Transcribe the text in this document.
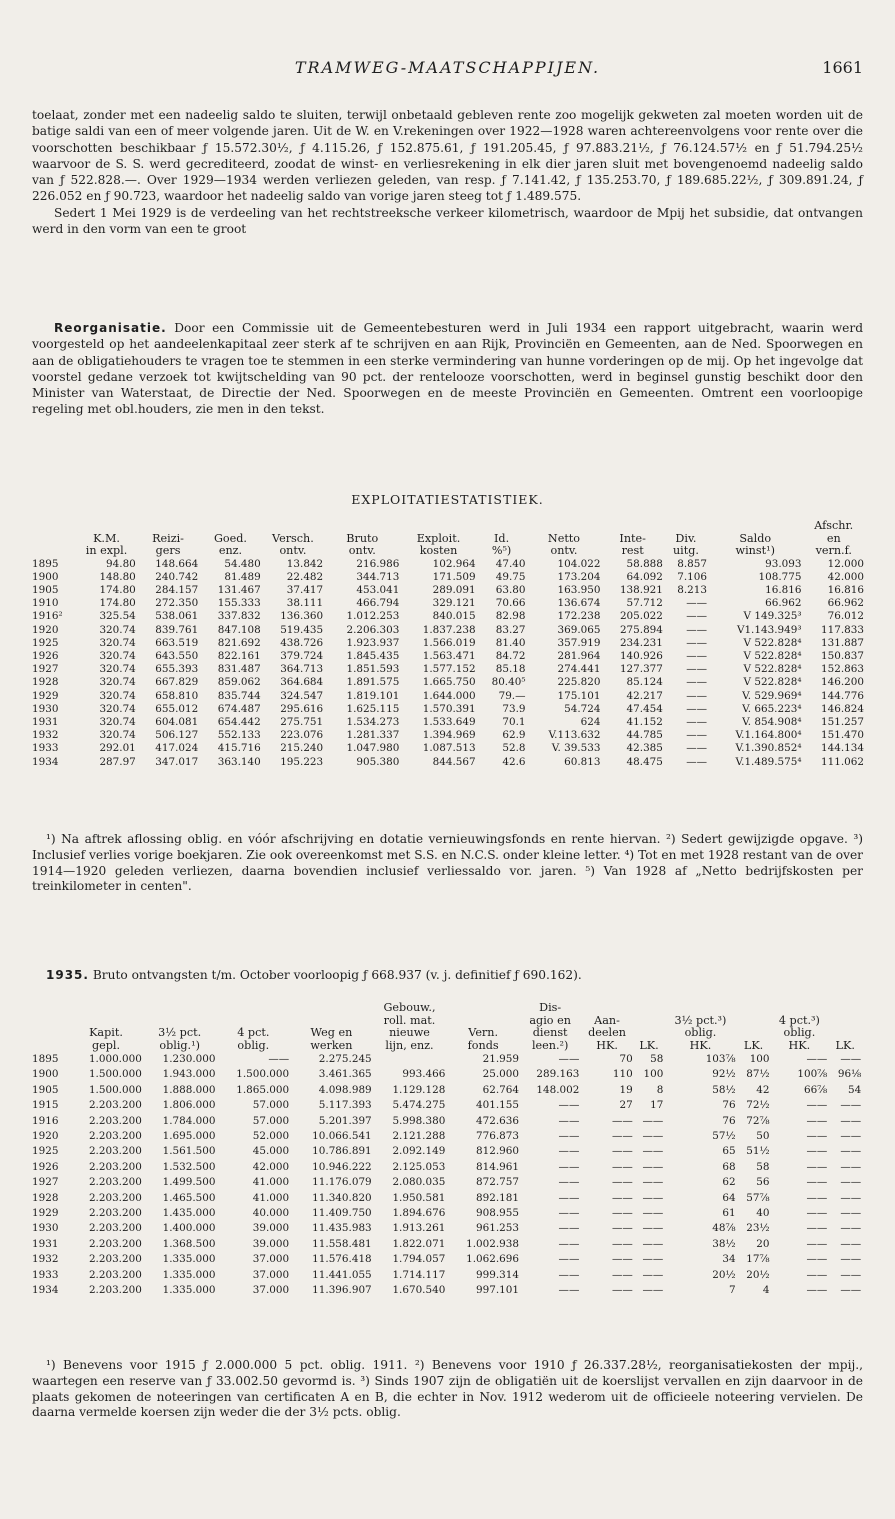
TRAMWEG-MAATSCHAPPIJEN.	1661

toelaat, zonder met een nadeelig saldo te sluiten, terwijl onbetaald gebleven rente zoo mogelijk gekweten zal moeten worden uit de batige saldi van een of meer volgende jaren. Uit de W. en V.rekeningen over 1922—1928 waren achtereenvolgens voor rente over die voorschotten beschikbaar ƒ 15.572.30½, ƒ 4.115.26, ƒ 152.875.61, ƒ 191.205.45, ƒ 97.883.21½, ƒ 76.124.57½ en ƒ 51.794.25½ waarvoor de S. S. werd gecrediteerd, zoodat de winst- en verliesrekening in elk dier jaren sluit met bovengenoemd nadeelig saldo van ƒ 522.828.—. Over 1929—1934 werden verliezen geleden, van resp. ƒ 7.141.42, ƒ 135.253.70, ƒ 189.685.22½, ƒ 309.891.24, ƒ 226.052 en ƒ 90.723, waardoor het nadeelig saldo van vorige jaren steeg tot ƒ 1.489.575.

Sedert 1 Mei 1929 is de verdeeling van het rechtstreeksche verkeer kilometrisch, waardoor de Mpij het subsidie, dat ontvangen werd in den vorm van een te groot

Reorganisatie. Door een Commissie uit de Gemeentebesturen werd in Juli 1934 een rapport uitgebracht, waarin werd voorgesteld op het aandeelenkapitaal zeer sterk af te schrijven en aan Rijk, Provinciën en Gemeenten, aan de Ned. Spoorwegen en aan de obligatiehouders te vragen toe te stemmen in een sterke vermindering van hunne vorderingen op de mij. Op het ingevolge dat voorstel gedane verzoek tot kwijtschelding van 90 pct. der rentelooze voorschotten, werd in beginsel gunstig beschikt door den Minister van Waterstaat, de Directie der Ned. Spoorwegen en de meeste Provinciën en Gemeenten. Omtrent een voorloopige regeling met obl.houders, zie men in den tekst.

EXPLOITATIESTATISTIEK.
												Afschr.
	K.M.	Reizi-	Goed.	Versch.	Bruto	Exploit.	Id.	Netto	Inte-	Div.	Saldo	en
	in expl.	gers	enz.	ontv.	ontv.	kosten	%⁵)	ontv.	rest	uitg.	winst¹)	vern.f.
1895	94.80	148.664	54.480	13.842	216.986	102.964	47.40	104.022	58.888	8.857	93.093	12.000
1900	148.80	240.742	81.489	22.482	344.713	171.509	49.75	173.204	64.092	7.106	108.775	42.000
1905	174.80	284.157	131.467	37.417	453.041	289.091	63.80	163.950	138.921	8.213	16.816	16.816
1910	174.80	272.350	155.333	38.111	466.794	329.121	70.66	136.674	57.712	——	66.962	66.962
1916²	325.54	538.061	337.832	136.360	1.012.253	840.015	82.98	172.238	205.022	——	V 149.325³	76.012
1920	320.74	839.761	847.108	519.435	2.206.303	1.837.238	83.27	369.065	275.894	——	V1.143.949³	117.833
1925	320.74	663.519	821.692	438.726	1.923.937	1.566.019	81.40	357.919	234.231	——	V 522.828⁴	131.887
1926	320.74	643.550	822.161	379.724	1.845.435	1.563.471	84.72	281.964	140.926	——	V 522.828⁴	150.837
1927	320.74	655.393	831.487	364.713	1.851.593	1.577.152	85.18	274.441	127.377	——	V 522.828⁴	152.863
1928	320.74	667.829	859.062	364.684	1.891.575	1.665.750	80.40⁵	225.820	85.124	——	V 522.828⁴	146.200
1929	320.74	658.810	835.744	324.547	1.819.101	1.644.000	79.—	175.101	42.217	——	V. 529.969⁴	144.776
1930	320.74	655.012	674.487	295.616	1.625.115	1.570.391	73.9	54.724	47.454	——	V. 665.223⁴	146.824
1931	320.74	604.081	654.442	275.751	1.534.273	1.533.649	70.1	624	41.152	——	V. 854.908⁴	151.257
1932	320.74	506.127	552.133	223.076	1.281.337	1.394.969	62.9	V.113.632	44.785	——	V.1.164.800⁴	151.470
1933	292.01	417.024	415.716	215.240	1.047.980	1.087.513	52.8	V. 39.533	42.385	——	V.1.390.852⁴	144.134
1934	287.97	347.017	363.140	195.223	905.380	844.567	42.6	60.813	48.475	——	V.1.489.575⁴	111.062

¹) Na aftrek aflossing oblig. en vóór afschrijving en dotatie vernieuwingsfonds en rente hiervan. ²) Sedert gewijzigde opgave. ³) Inclusief verlies vorige boekjaren. Zie ook overeenkomst met S.S. en N.C.S. onder kleine letter. ⁴) Tot en met 1928 restant van de over 1914—1920 geleden verliezen, daarna bovendien inclusief verliessaldo vor. jaren. ⁵) Van 1928 af „Netto bedrijfskosten per treinkilometer in centen".

1935. Bruto ontvangsten t/m. October voorloopig ƒ 668.937 (v. j. definitief ƒ 690.162).

					Gebouw.,		Dis-							
					roll. mat.		agio en	Aan-		3½ pct.³)		4 pct.³)		
	Kapit.	3½ pct.	4 pct.	Weg en	nieuwe	Vern.	dienst	deelen		oblig.		oblig.		
	gepl.	oblig.¹)	oblig.	werken	lijn, enz.	fonds	leen.²)	HK.	LK.	HK.	LK.	HK.	LK.	
1895	1.000.000	1.230.000	——	2.275.245		21.959	——	70	58	103⅞	100	——	——	
1900	1.500.000	1.943.000	1.500.000	3.461.365	993.466	25.000	289.163	110	100	92½	87½	100⅞	96⅛	
1905	1.500.000	1.888.000	1.865.000	4.098.989	1.129.128	62.764	148.002	19	8	58½	42	66⅞	54	
1915	2.203.200	1.806.000	57.000	5.117.393	5.474.275	401.155	——	27	17	76	72½	——	——	
1916	2.203.200	1.784.000	57.000	5.201.397	5.998.380	472.636	——	——	——	76	72⅞	——	——	
1920	2.203.200	1.695.000	52.000	10.066.541	2.121.288	776.873	——	——	——	57½	50	——	——	
1925	2.203.200	1.561.500	45.000	10.786.891	2.092.149	812.960	——	——	——	65	51½	——	——	
1926	2.203.200	1.532.500	42.000	10.946.222	2.125.053	814.961	——	——	——	68	58	——	——	
1927	2.203.200	1.499.500	41.000	11.176.079	2.080.035	872.757	——	——	——	62	56	——	——	
1928	2.203.200	1.465.500	41.000	11.340.820	1.950.581	892.181	——	——	——	64	57⅞	——	——	
1929	2.203.200	1.435.000	40.000	11.409.750	1.894.676	908.955	——	——	——	61	40	——	——	
1930	2.203.200	1.400.000	39.000	11.435.983	1.913.261	961.253	——	——	——	48⅞	23½	——	——	
1931	2.203.200	1.368.500	39.000	11.558.481	1.822.071	1.002.938	——	——	——	38½	20	——	——	
1932	2.203.200	1.335.000	37.000	11.576.418	1.794.057	1.062.696	——	——	——	34	17⅞	——	——	
1933	2.203.200	1.335.000	37.000	11.441.055	1.714.117	999.314	——	——	——	20½	20½	——	——	
1934	2.203.200	1.335.000	37.000	11.396.907	1.670.540	997.101	——	——	——	7	4	——	——	

¹) Benevens voor 1915 ƒ 2.000.000 5 pct. oblig. 1911. ²) Benevens voor 1910 ƒ 26.337.28½, reorganisatiekosten der mpij., waartegen een reserve van ƒ 33.002.50 gevormd is. ³) Sinds 1907 zijn de obligatiën uit de koerslijst vervallen en zijn daarvoor in de plaats gekomen de noteeringen van certificaten A en B, die echter in Nov. 1912 wederom uit de officieele noteering vervielen. De daarna vermelde koersen zijn weder die der 3½ pcts. oblig.
